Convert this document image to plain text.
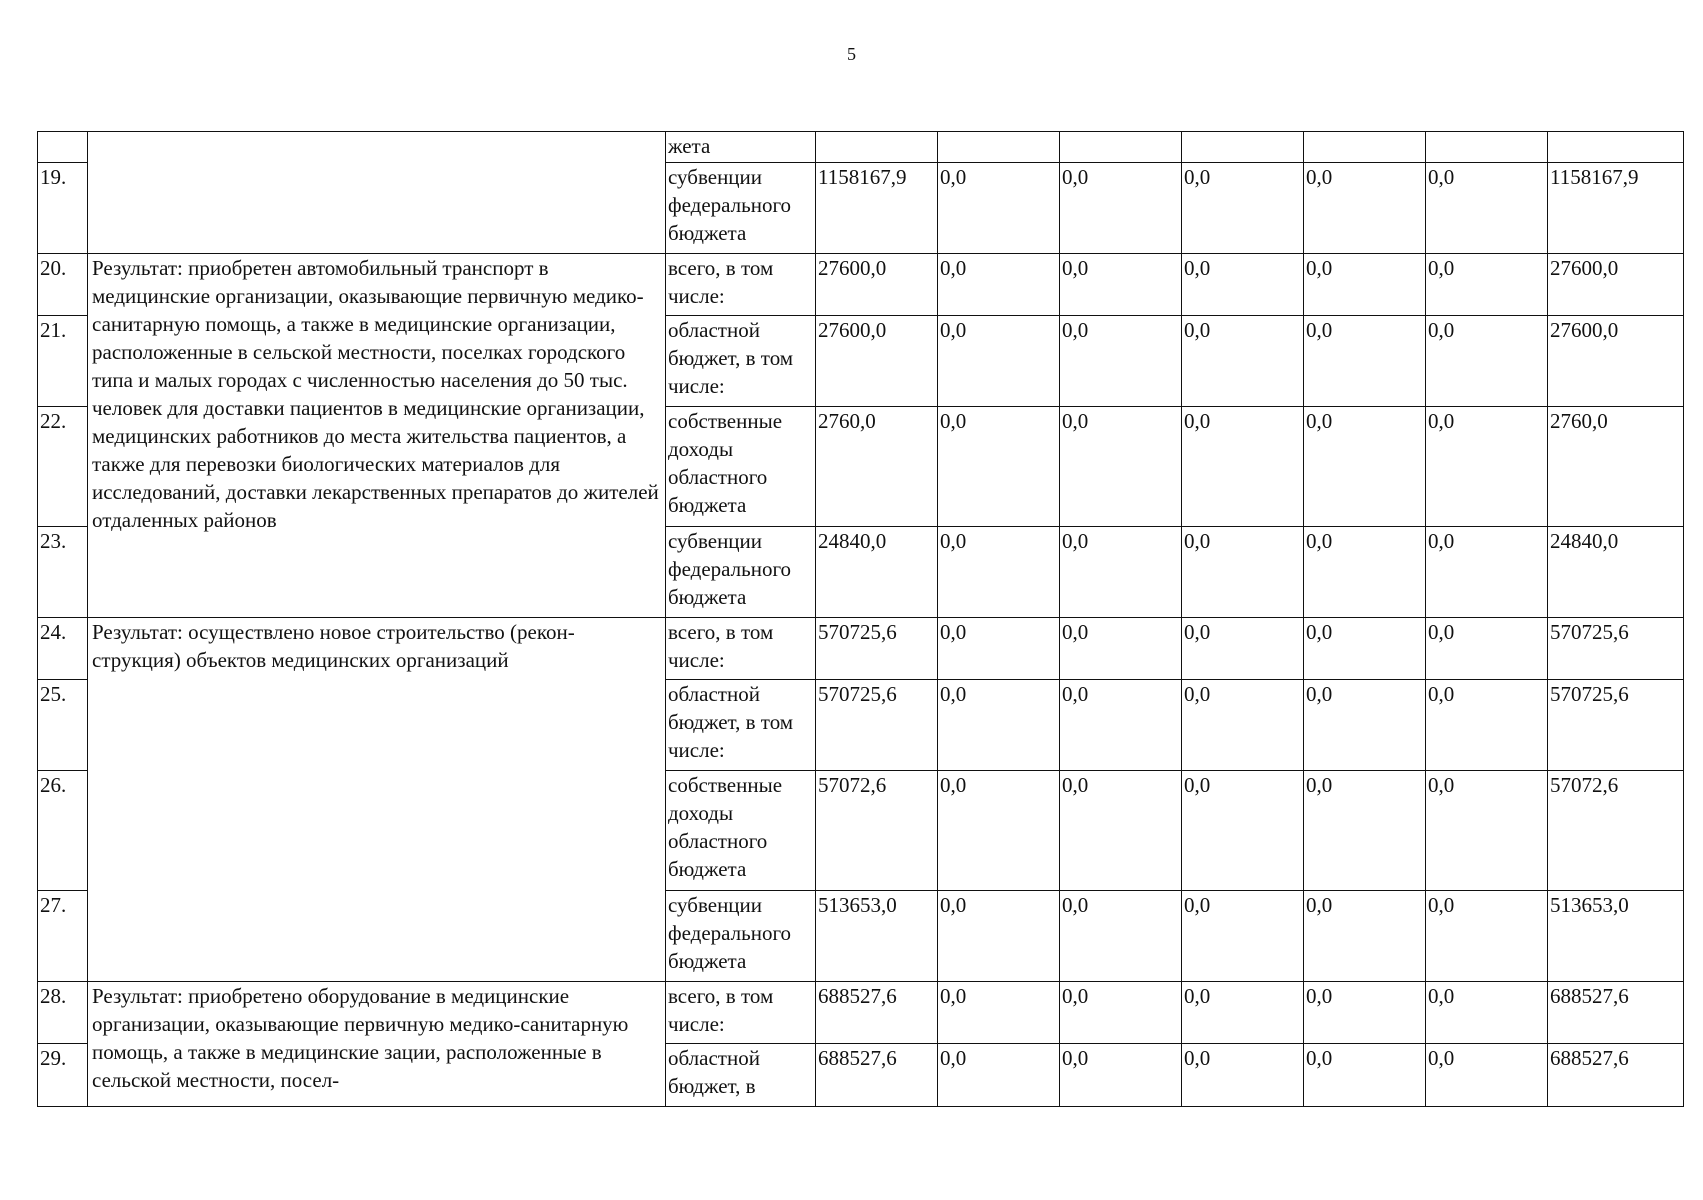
5
		жета							
19.		субвенции федерального бюджета	1158167,9	0,0	0,0	0,0	0,0	0,0	1158167,9
20.	Результат: приобретен автомобильный транспорт в медицинские организации, оказывающие первичную медико-санитарную помощь, а также в медицинские организации, расположенные в сельской местности, поселках городского типа и малых городах с численностью населения до 50 тыс. человек для доставки пациентов в медицинские организации, медицинских работников до места жительства пациентов, а также для перевозки биологических материалов для исследований, доставки лекарственных препаратов до жителей отдаленных районов	всего, в том числе:	27600,0	0,0	0,0	0,0	0,0	0,0	27600,0
21.		областной бюджет, в том числе:	27600,0	0,0	0,0	0,0	0,0	0,0	27600,0
22.		собственные доходы областного бюджета	2760,0	0,0	0,0	0,0	0,0	0,0	2760,0
23.		субвенции федерального бюджета	24840,0	0,0	0,0	0,0	0,0	0,0	24840,0
24.	Результат: осуществлено новое строительство (рекон-струкция) объектов медицинских организаций	всего, в том числе:	570725,6	0,0	0,0	0,0	0,0	0,0	570725,6
25.		областной бюджет, в том числе:	570725,6	0,0	0,0	0,0	0,0	0,0	570725,6
26.		собственные доходы областного бюджета	57072,6	0,0	0,0	0,0	0,0	0,0	57072,6
27.		субвенции федерального бюджета	513653,0	0,0	0,0	0,0	0,0	0,0	513653,0
28.	Результат: приобретено оборудование в медицинские организации, оказывающие первичную медико-санитарную помощь, а также в медицинские зации, расположенные в сельской местности, посел-	всего, в том числе:	688527,6	0,0	0,0	0,0	0,0	0,0	688527,6
29.		областной бюджет, в	688527,6	0,0	0,0	0,0	0,0	0,0	688527,6
